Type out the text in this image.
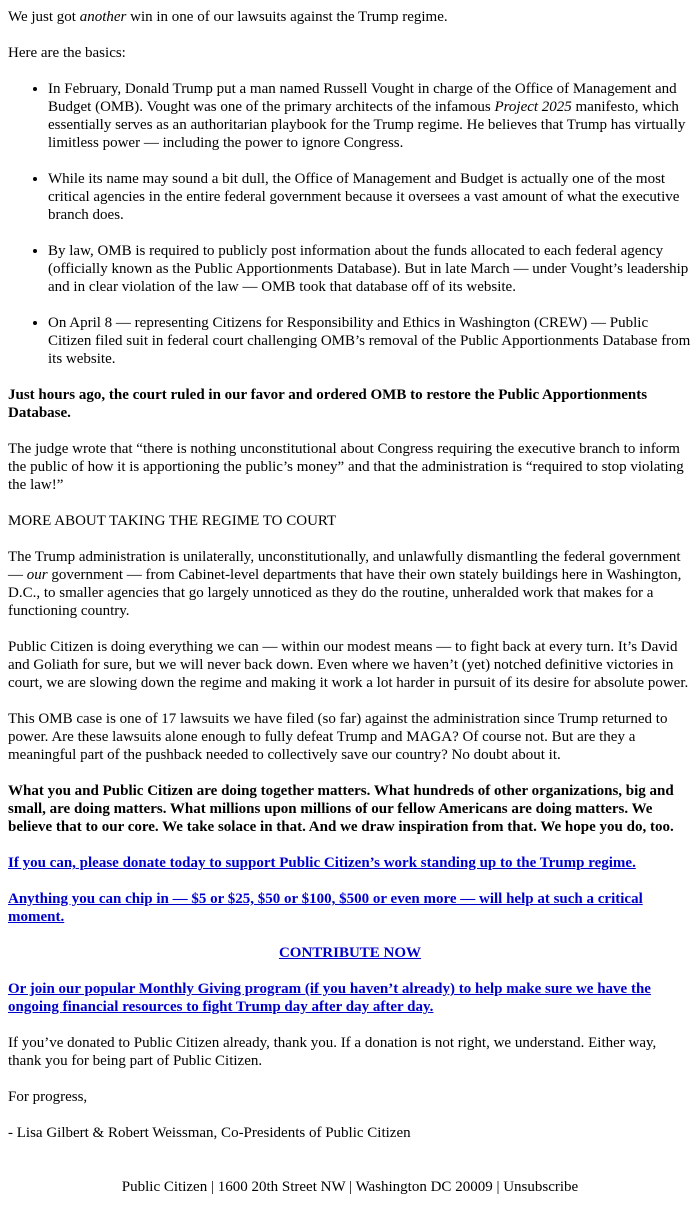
We just got another win in one of our lawsuits against the Trump regime.

Here are the basics:

• In February, Donald Trump put a man named Russell Vought in charge of the Office of Management and Budget (OMB). Vought was one of the primary architects of the infamous Project 2025 manifesto, which essentially serves as an authoritarian playbook for the Trump regime. He believes that Trump has virtually limitless power — including the power to ignore Congress.
• While its name may sound a bit dull, the Office of Management and Budget is actually one of the most critical agencies in the entire federal government because it oversees a vast amount of what the executive branch does.
• By law, OMB is required to publicly post information about the funds allocated to each federal agency (officially known as the Public Apportionments Database). But in late March — under Vought’s leadership and in clear violation of the law — OMB took that database off of its website.
• On April 8 — representing Citizens for Responsibility and Ethics in Washington (CREW) — Public Citizen filed suit in federal court challenging OMB’s removal of the Public Apportionments Database from its website.

Just hours ago, the court ruled in our favor and ordered OMB to restore the Public Apportionments Database.

The judge wrote that “there is nothing unconstitutional about Congress requiring the executive branch to inform the public of how it is apportioning the public’s money” and that the administration is “required to stop violating the law!”

MORE ABOUT TAKING THE REGIME TO COURT

The Trump administration is unilaterally, unconstitutionally, and unlawfully dismantling the federal government — our government — from Cabinet-level departments that have their own stately buildings here in Washington, D.C., to smaller agencies that go largely unnoticed as they do the routine, unheralded work that makes for a functioning country.

Public Citizen is doing everything we can — within our modest means — to fight back at every turn. It’s David and Goliath for sure, but we will never back down. Even where we haven’t (yet) notched definitive victories in court, we are slowing down the regime and making it work a lot harder in pursuit of its desire for absolute power.

This OMB case is one of 17 lawsuits we have filed (so far) against the administration since Trump returned to power. Are these lawsuits alone enough to fully defeat Trump and MAGA? Of course not. But are they a meaningful part of the pushback needed to collectively save our country? No doubt about it.

What you and Public Citizen are doing together matters. What hundreds of other organizations, big and small, are doing matters. What millions upon millions of our fellow Americans are doing matters. We believe that to our core. We take solace in that. And we draw inspiration from that. We hope you do, too.

If you can, please donate today to support Public Citizen’s work standing up to the Trump regime.

Anything you can chip in — $5 or $25, $50 or $100, $500 or even more — will help at such a critical moment.

CONTRIBUTE NOW

Or join our popular Monthly Giving program (if you haven’t already) to help make sure we have the ongoing financial resources to fight Trump day after day after day.

If you’ve donated to Public Citizen already, thank you. If a donation is not right, we understand. Either way, thank you for being part of Public Citizen.

For progress,

- Lisa Gilbert & Robert Weissman, Co-Presidents of Public Citizen

Public Citizen | 1600 20th Street NW | Washington DC 20009 | Unsubscribe
